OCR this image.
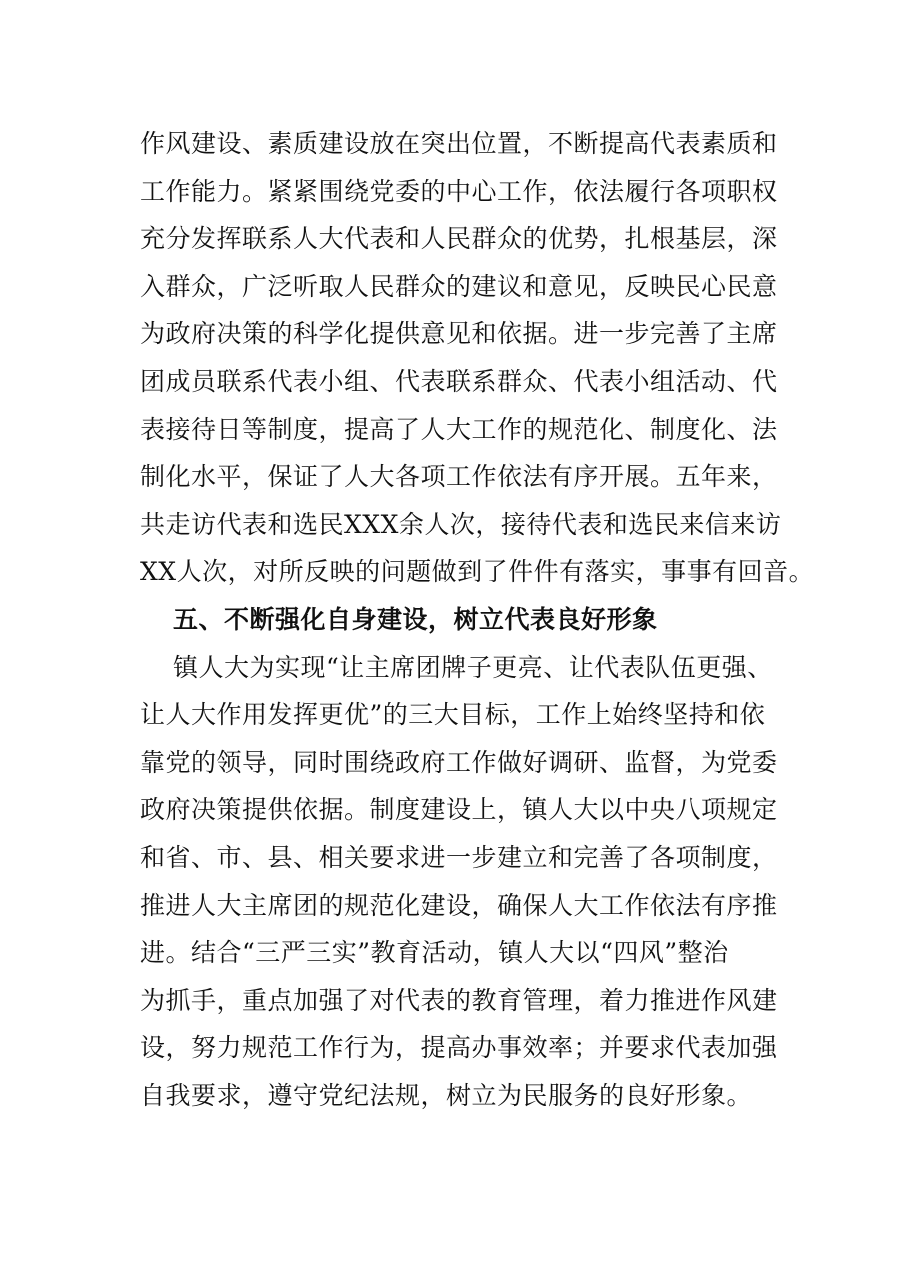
作风建设、素质建设放在突出位置，不断提高代表素质和
工作能力。紧紧围绕党委的中心工作，依法履行各项职权
充分发挥联系人大代表和人民群众的优势，扎根基层，深
入群众，广泛听取人民群众的建议和意见，反映民心民意
为政府决策的科学化提供意见和依据。进一步完善了主席
团成员联系代表小组、代表联系群众、代表小组活动、代
表接待日等制度，提高了人大工作的规范化、制度化、法
制化水平，保证了人大各项工作依法有序开展。五年来，
共走访代表和选民XXX余人次，接待代表和选民来信来访
XX人次，对所反映的问题做到了件件有落实，事事有回音。
五、不断强化自身建设，树立代表良好形象
镇人大为实现“让主席团牌子更亮、让代表队伍更强、
让人大作用发挥更优”的三大目标，工作上始终坚持和依
靠党的领导，同时围绕政府工作做好调研、监督，为党委
政府决策提供依据。制度建设上，镇人大以中央八项规定
和省、市、县、相关要求进一步建立和完善了各项制度，
推进人大主席团的规范化建设，确保人大工作依法有序推
进。结合“三严三实”教育活动，镇人大以“四风”整治
为抓手，重点加强了对代表的教育管理，着力推进作风建
设，努力规范工作行为，提高办事效率；并要求代表加强
自我要求，遵守党纪法规，树立为民服务的良好形象。
